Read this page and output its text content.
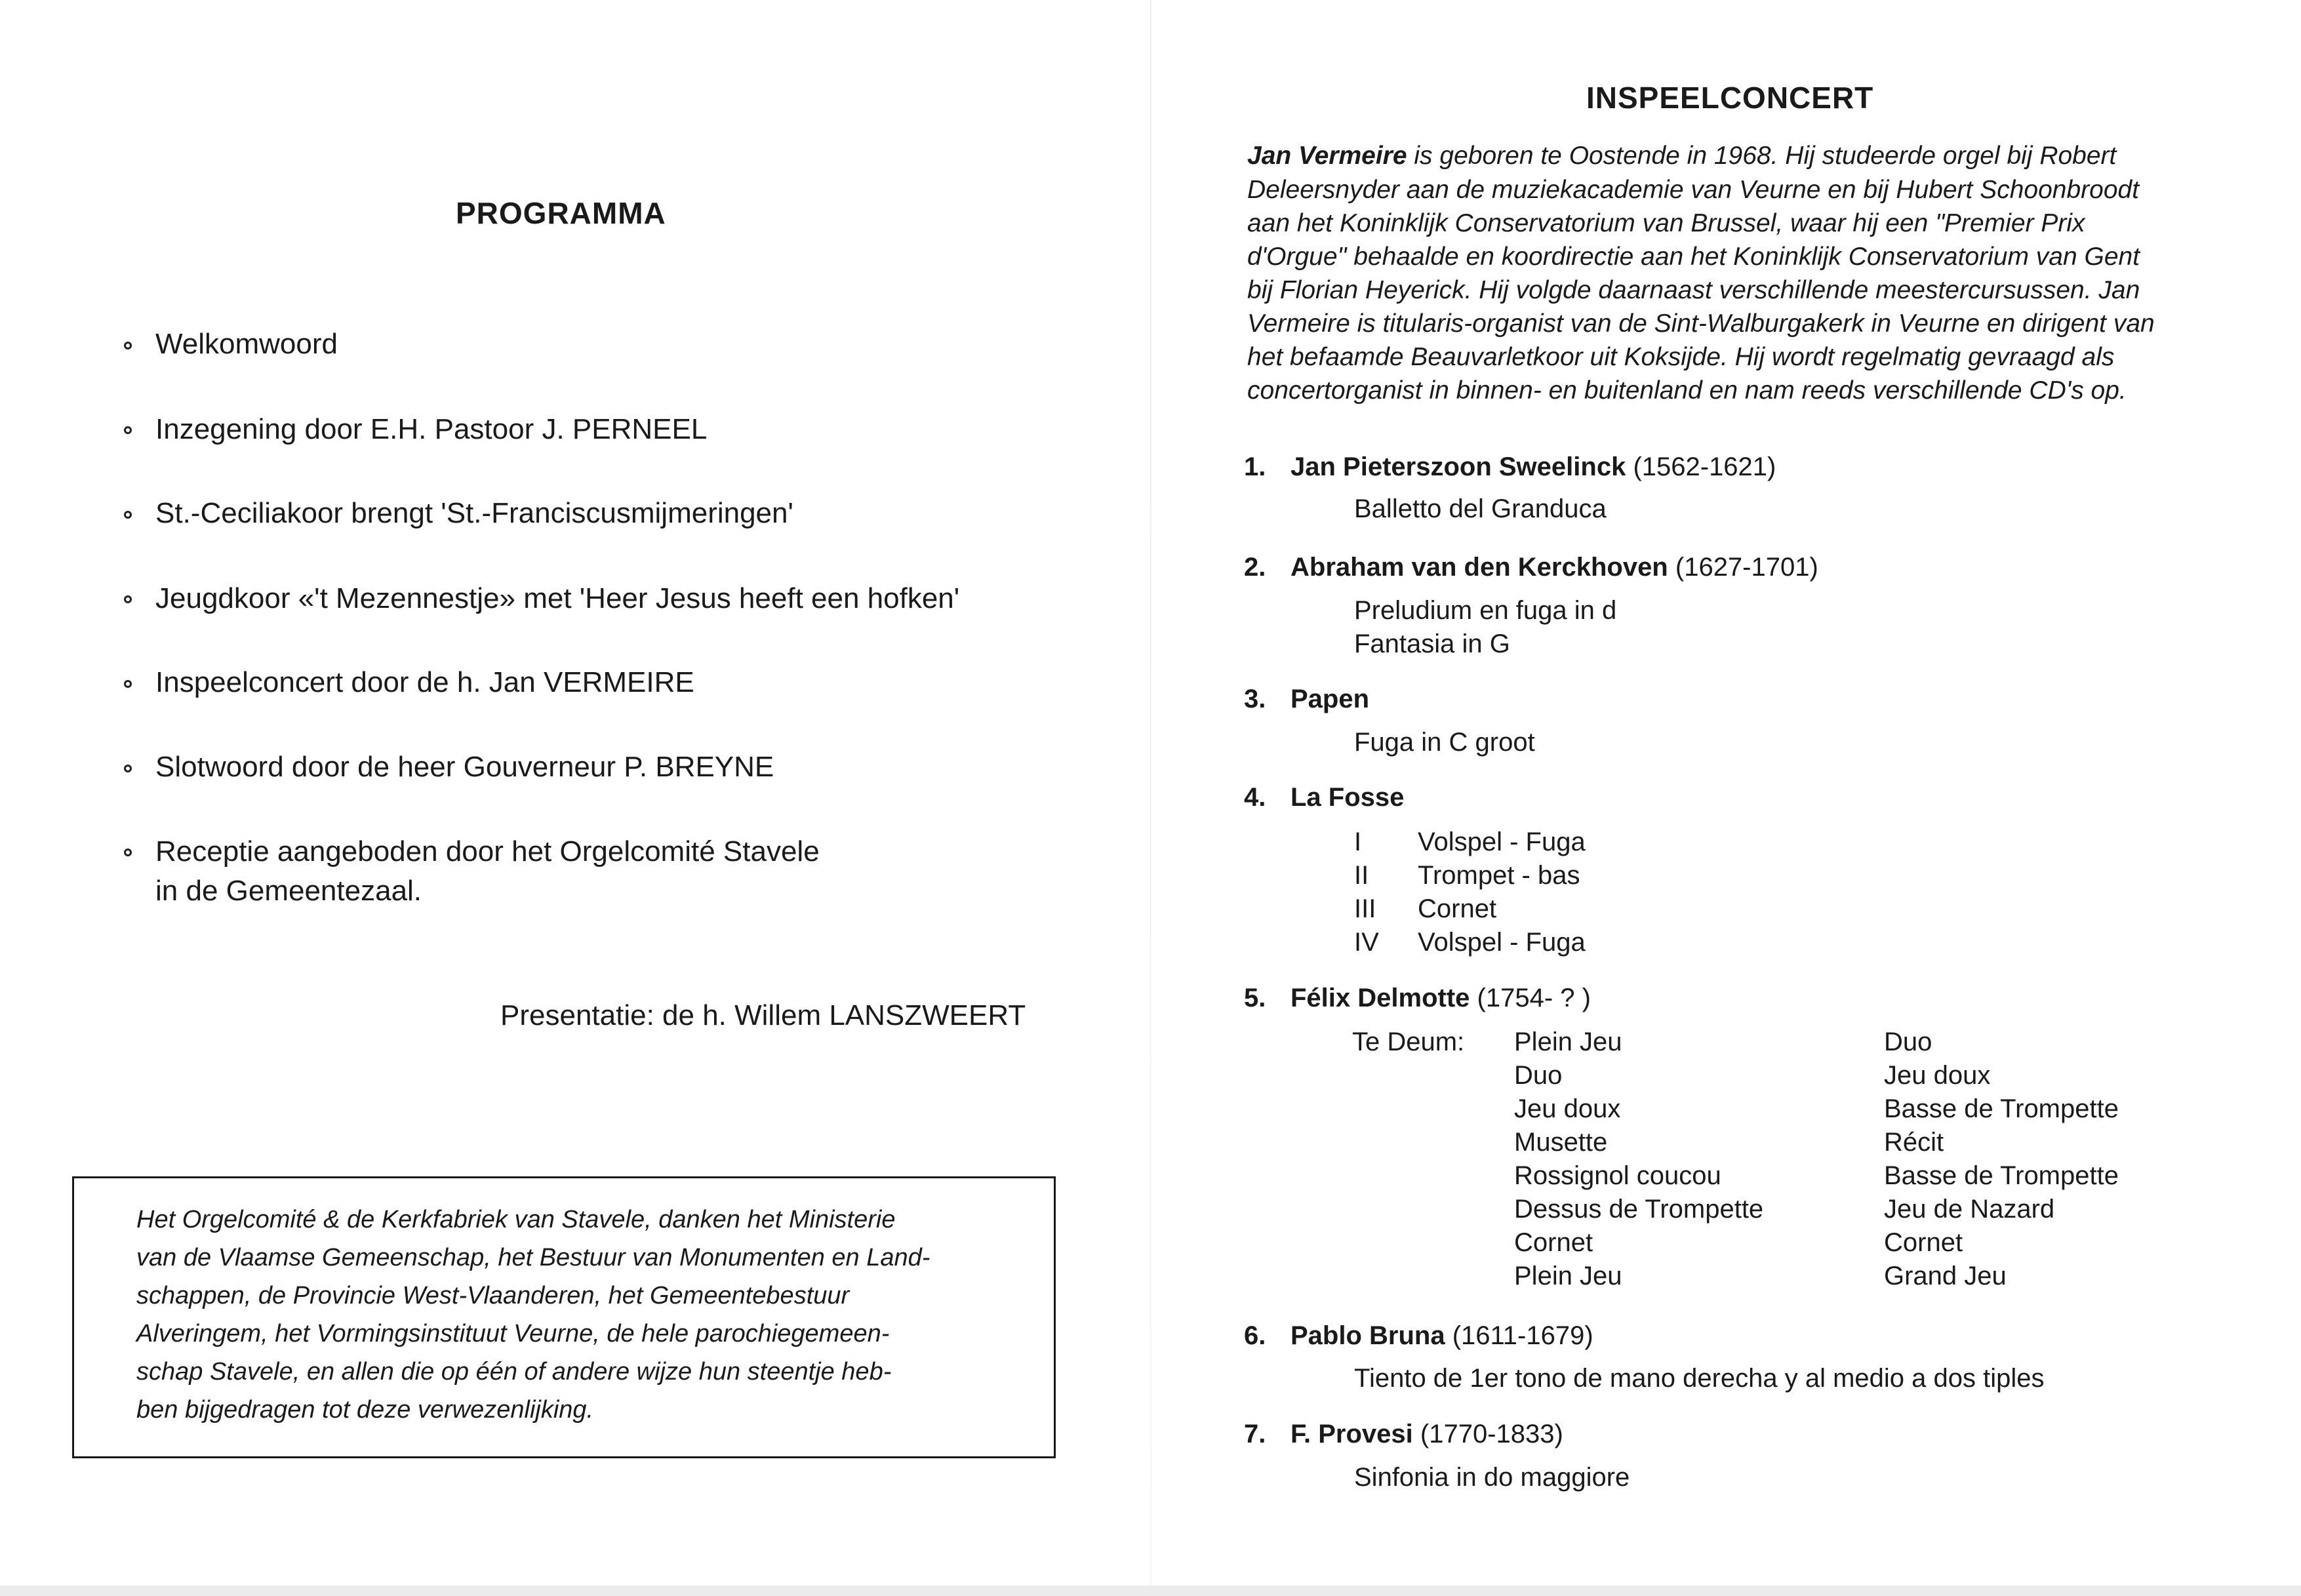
PROGRAMMA
Welkomwoord
Inzegening door E.H. Pastoor J. PERNEEL
St.-Ceciliakoor brengt 'St.-Franciscusmijmeringen'
Jeugdkoor «'t Mezennestje» met 'Heer Jesus heeft een hofken'
Inspeelconcert door de h. Jan VERMEIRE
Slotwoord door de heer Gouverneur P. BREYNE
Receptie aangeboden door het Orgelcomité Stavele
in de Gemeentezaal.
Presentatie: de h. Willem LANSZWEERT
Het Orgelcomité & de Kerkfabriek van Stavele, danken het Ministerie
van de Vlaamse Gemeenschap, het Bestuur van Monumenten en Land-
schappen, de Provincie West-Vlaanderen, het Gemeentebestuur
Alveringem, het Vormingsinstituut Veurne, de hele parochiegemeen-
schap Stavele, en allen die op één of andere wijze hun steentje heb-
ben bijgedragen tot deze verwezenlijking.
INSPEELCONCERT
Jan Vermeire is geboren te Oostende in 1968. Hij studeerde orgel bij Robert
Deleersnyder aan de muziekacademie van Veurne en bij Hubert Schoonbroodt
aan het Koninklijk Conservatorium van Brussel, waar hij een "Premier Prix
d'Orgue" behaalde en koordirectie aan het Koninklijk Conservatorium van Gent
bij Florian Heyerick. Hij volgde daarnaast verschillende meestercursussen. Jan
Vermeire is titularis-organist van de Sint-Walburgakerk in Veurne en dirigent van
het befaamde Beauvarletkoor uit Koksijde. Hij wordt regelmatig gevraagd als
concertorganist in binnen- en buitenland en nam reeds verschillende CD's op.
1. Jan Pieterszoon Sweelinck (1562-1621)
Balletto del Granduca
2. Abraham van den Kerckhoven (1627-1701)
Preludium en fuga in d
Fantasia in G
3. Papen
Fuga in C groot
4. La Fosse
I Volspel - Fuga
II Trompet - bas
III Cornet
IV Volspel - Fuga
5. Félix Delmotte (1754- ? )
Te Deum: Plein Jeu
Duo
Jeu doux
Musette
Rossignol coucou
Dessus de Trompette
Cornet
Plein Jeu
Duo
Jeu doux
Basse de Trompette
Récit
Basse de Trompette
Jeu de Nazard
Cornet
Grand Jeu
6. Pablo Bruna (1611-1679)
Tiento de 1er tono de mano derecha y al medio a dos tiples
7. F. Provesi (1770-1833)
Sinfonia in do maggiore
